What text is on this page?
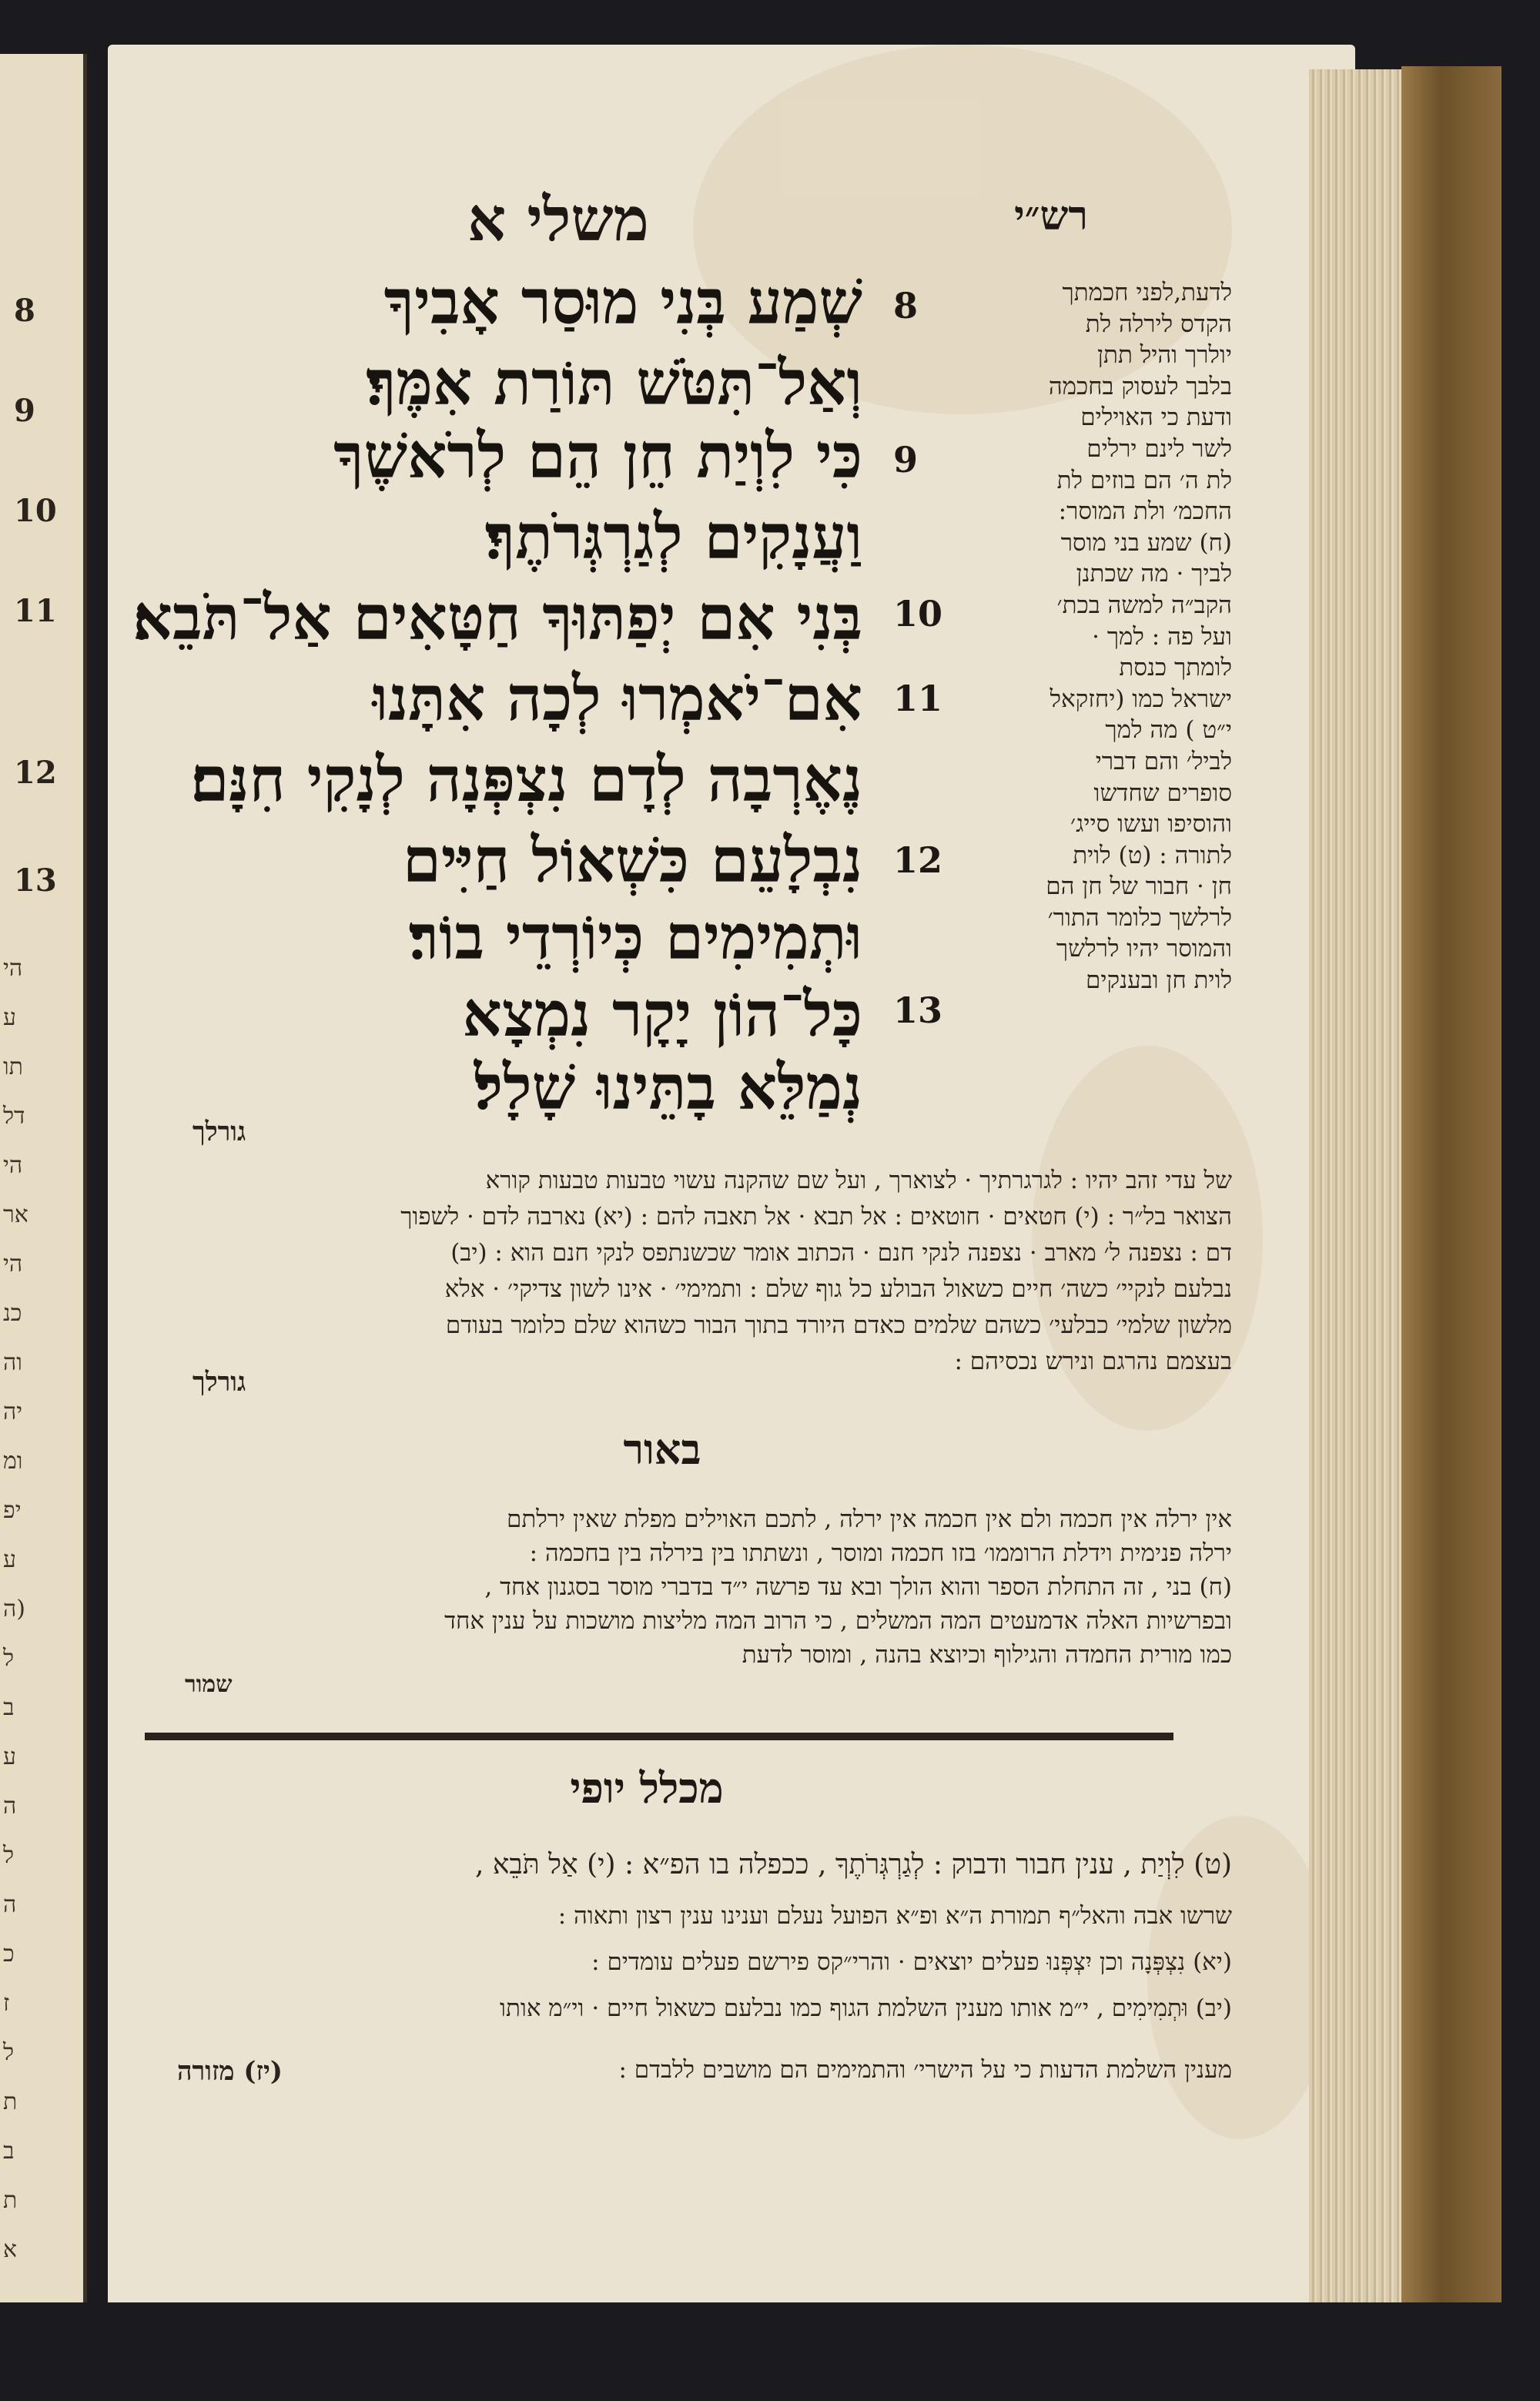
8
9
10
11
12
13
הי
ע
תו
דל
הי
אר
הי
כנ
וה
יה
ומ
יפ
ע
(ה
ל
ב
ע
ה
ל
ה
כ
ז
ל
ת
ב
ת
א
משלי א	רש״י
8
9
10
11
12
13
שְׁמַע בְּנִי מוּסַר אָבִיךָ
וְאַל־תִּטֹּשׁ תּוֹרַת אִמֶּךָ׃
כִּי לִוְיַת חֵן הֵם לְרֹאשֶׁךָ
וַעֲנָקִים לְגַרְגְּרֹתֶךָ׃
בְּנִי אִם יְפַתּוּךָ חַטָּאִים אַל־תֹּבֵא׃
אִם־יֹאמְרוּ לְכָה אִתָּנוּ
נֶאֶרְבָה לְדָם נִצְפְּנָה לְנָקִי חִנָּם׃
נִבְלָעֵם כִּשְׁאוֹל חַיִּים
וּתְמִימִים כְּיוֹרְדֵי בוֹר׃
כָּל־הוֹן יָקָר נִמְצָא
נְמַלֵּא בָתֵּינוּ שָׁלָל׃
גורלך
לדעת,לפני חכמתך
הקדס לירלה לת
יולרך והיל תתן
בלבך לעסוק בחכמה
ודעת כי האוילים
לשר לינם ירלים
לת ה׳ הם בוזים לת
החכמ׳ ולת המוסר:
(ח) שמע בני מוסר
לביך · מה שכתנן
הקב״ה למשה בכת׳
ועל פה : למך ·
לומתך כנסת
ישראל כמו (יחזקאל
י״ט ) מה למך
לביל׳ והם דברי
סופרים שחדשו
והוסיפו ועשו סייג׳
לתורה : (ט) לוית
חן · חבור של חן הם
לרלשך כלומר התור׳
והמוסר יהיו לרלשך
לוית חן ובענקים
של עדי זהב יהיו : לגרגרתיך · לצוארך , ועל שם שהקנה עשוי טבעות טבעות קורא
הצואר בל״ר : (י) חטאים · חוטאים : אל תבא · אל תאבה להם : (יא) נארבה לדם · לשפוך
דם : נצפנה ל׳ מארב · נצפנה לנקי חנם · הכתוב אומר שכשנתפס לנקי חנם הוא : (יב)
נבלעם לנקיי׳ כשה׳ חיים כשאול הבולע כל גוף שלם : ותמימי׳ · אינו לשון צדיקי׳ · אלא
מלשון שלמי׳ כבלעי׳ כשהם שלמים כאדם היורד בתוך הבור כשהוא שלם כלומר בעודם
בעצמם נהרגם ונירש נכסיהם :
גורלך
באור
אין ירלה אין חכמה ולם אין חכמה אין ירלה , לתכם האוילים מפלת שאין ירלתם
ירלה פנימית וידלת הרוממו׳ בזו חכמה ומוסר , ונשתתו בין בירלה בין בחכמה :
(ח) בני , זה התחלת הספר והוא הולך ובא עד פרשה י״ד בדברי מוסר בסגנון אחד ,
ובפרשיות האלה אדמעטים המה המשלים , כי הרוב המה מליצות מושכות על ענין אחד
כמו מורית החמדה והגילוף וכיוצא בהנה , ומוסר לדעת
שמור
מכלל יופי
(ט) לִוְיַת , ענין חבור ודבוק : לְגַרְגְּרֹתֶךָ , ככפלה בו הפ״א : (י) אַל תֹּבֵא ,
שרשו אבה והאל״ף תמורת ה״א ופ״א הפועל נעלם וענינו ענין רצון ותאוה :
(יא) נִצְפְּנָה וכן יִצְפְּנוּ פעלים יוצאים · והרי״קס פירשם פעלים עומדים :
(יב) וּתְמִימִים , י״מ אותו מענין השלמת הגוף כמו נבלעם כשאול חיים · וי״מ אותו
מענין השלמת הדעות כי על הישרי׳ והתמימים הם מושבים ללבדם :
(יז) מזורה
